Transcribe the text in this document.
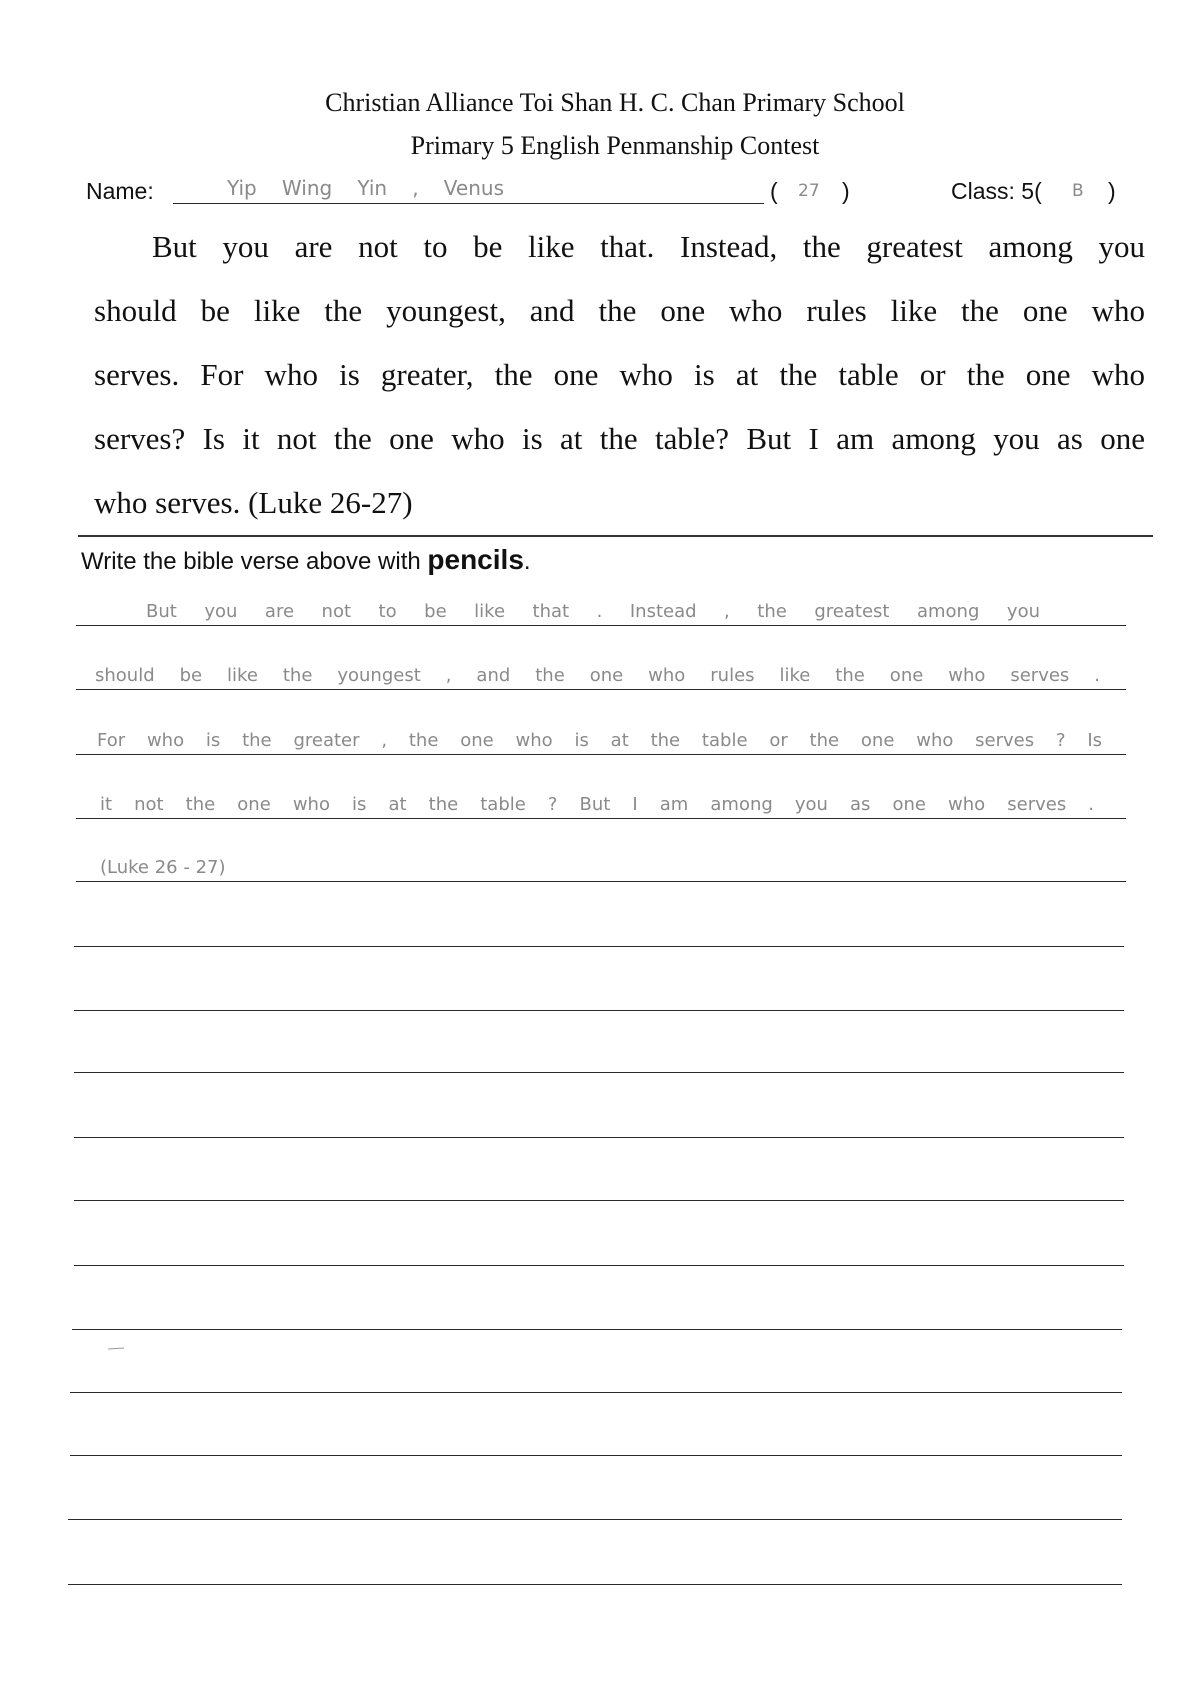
Christian Alliance Toi Shan H. C. Chan Primary School
Primary 5 English Penmanship Contest
Name:	Yip Wing Yin , Venus	( 27 )	Class: 5( B )
But you are not to be like that. Instead, the greatest among you
should be like the youngest, and the one who rules like the one who
serves. For who is greater, the one who is at the table or the one who
serves? Is it not the one who is at the table? But I am among you as one
who serves. (Luke 26-27)
Write the bible verse above with pencils.
But you are not to be like that . Instead , the greatest among you
should be like the youngest , and the one who rules like the one who serves .
For who is the greater , the one who is at the table or the one who serves ? Is
it not the one who is at the table ? But I am among you as one who serves .
(Luke 26 - 27)
